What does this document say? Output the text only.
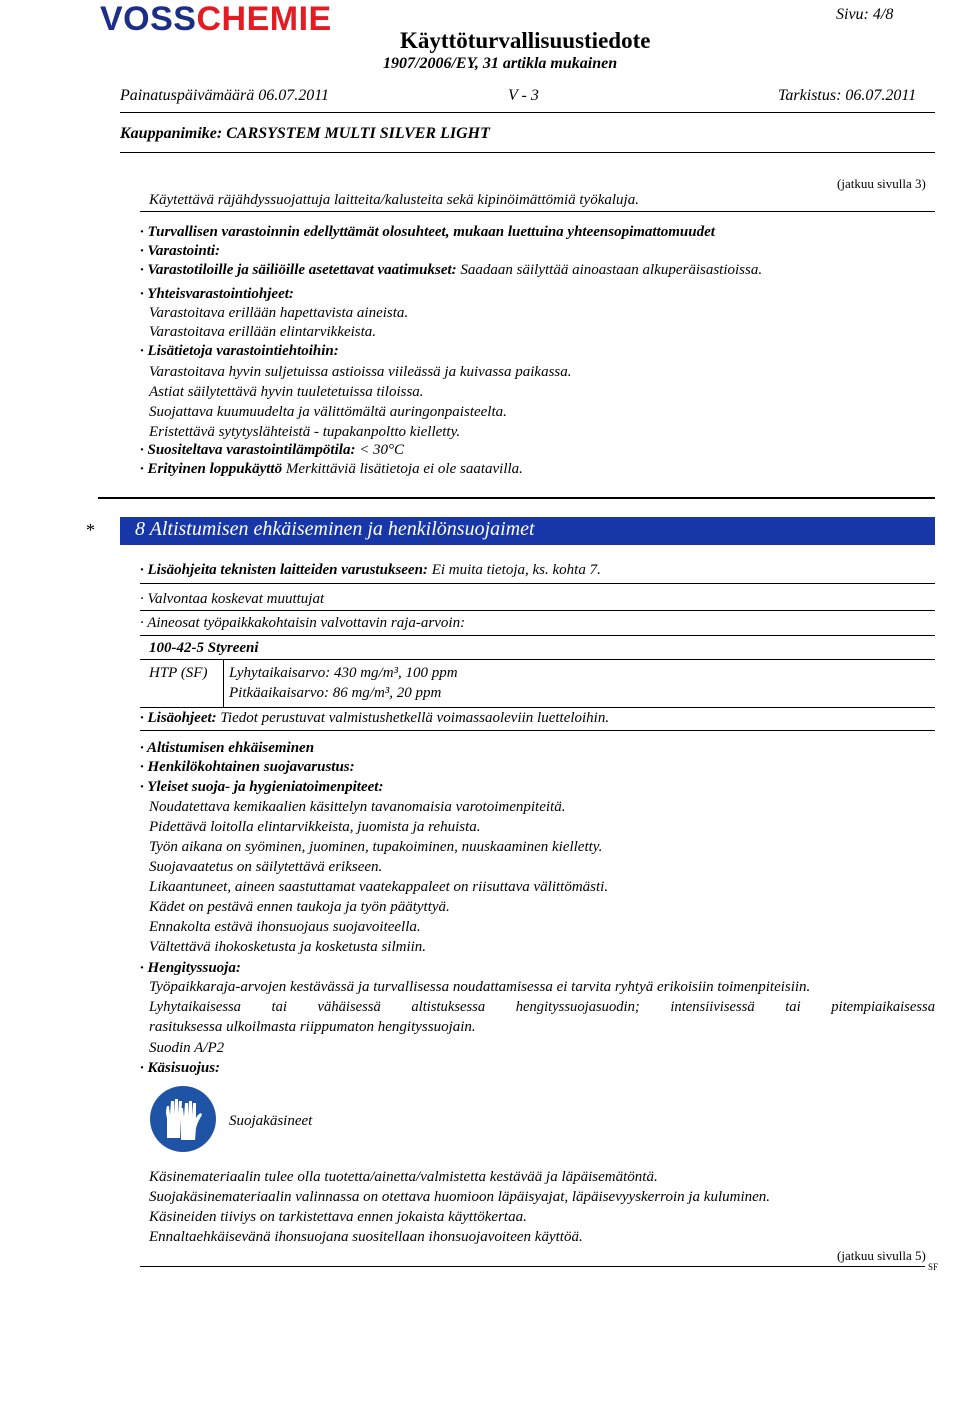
VOSSCHEMIE
Käyttöturvallisuustiedote
1907/2006/EY, 31 artikla mukainen
Sivu: 4/8
Painatuspäivämäärä 06.07.2011	V - 3	Tarkistus: 06.07.2011
Kauppanimike: CARSYSTEM MULTI SILVER LIGHT
(jatkuu sivulla 3)
Käytettävä räjähdyssuojattuja laitteita/kalusteita sekä kipinöimättömiä työkaluja.
· Turvallisen varastoinnin edellyttämät olosuhteet, mukaan luettuina yhteensopimattomuudet
· Varastointi:
· Varastotiloille ja säiliöille asetettavat vaatimukset: Saadaan säilyttää ainoastaan alkuperäisastioissa.
· Yhteisvarastointiohjeet:
Varastoitava erillään hapettavista aineista.
Varastoitava erillään elintarvikkeista.
· Lisätietoja varastointiehtoihin:
Varastoitava hyvin suljetuissa astioissa viileässä ja kuivassa paikassa.
Astiat säilytettävä hyvin tuuletetuissa tiloissa.
Suojattava kuumuudelta ja välittömältä auringonpaisteelta.
Eristettävä sytytyslähteistä - tupakanpoltto kielletty.
· Suositeltava varastointilämpötila: < 30°C
· Erityinen loppukäyttö Merkittäviä lisätietoja ei ole saatavilla.
* 8 Altistumisen ehkäiseminen ja henkilönsuojaimet
· Lisäohjeita teknisten laitteiden varustukseen: Ei muita tietoja, ks. kohta 7.
· Valvontaa koskevat muuttujat
· Aineosat työpaikkakohtaisin valvottavin raja-arvoin:
100-42-5 Styreeni
HTP (SF) Lyhytaikaisarvo: 430 mg/m³, 100 ppm
Pitkäaikaisarvo: 86 mg/m³, 20 ppm
· Lisäohjeet: Tiedot perustuvat valmistushetkellä voimassaoleviin luetteloihin.
· Altistumisen ehkäiseminen
· Henkilökohtainen suojavarustus:
· Yleiset suoja- ja hygieniatoimenpiteet:
Noudatettava kemikaalien käsittelyn tavanomaisia varotoimenpiteitä.
Pidettävä loitolla elintarvikkeista, juomista ja rehuista.
Työn aikana on syöminen, juominen, tupakoiminen, nuuskaaminen kielletty.
Suojavaatetus on säilytettävä erikseen.
Likaantuneet, aineen saastuttamat vaatekappaleet on riisuttava välittömästi.
Kädet on pestävä ennen taukoja ja työn päätyttyä.
Ennakolta estävä ihonsuojaus suojavoiteella.
Vältettävä ihokosketusta ja kosketusta silmiin.
· Hengityssuoja:
Työpaikkaraja-arvojen kestävässä ja turvallisessa noudattamisessa ei tarvita ryhtyä erikoisiin toimenpiteisiin.
Lyhytaikaisessa tai vähäisessä altistuksessa hengityssuojasuodin; intensiivisessä tai pitempiaikaisessa
rasituksessa ulkoilmasta riippumaton hengityssuojain.
Suodin A/P2
· Käsisuojus:
Suojakäsineet
Käsinemateriaalin tulee olla tuotetta/ainetta/valmistetta kestävää ja läpäisemätöntä.
Suojakäsinemateriaalin valinnassa on otettava huomioon läpäisyajat, läpäisevyyskerroin ja kuluminen.
Käsineiden tiiviys on tarkistettava ennen jokaista käyttökertaa.
Ennaltaehkäisevänä ihonsuojana suositellaan ihonsuojavoiteen käyttöä.
(jatkuu sivulla 5)
SF
